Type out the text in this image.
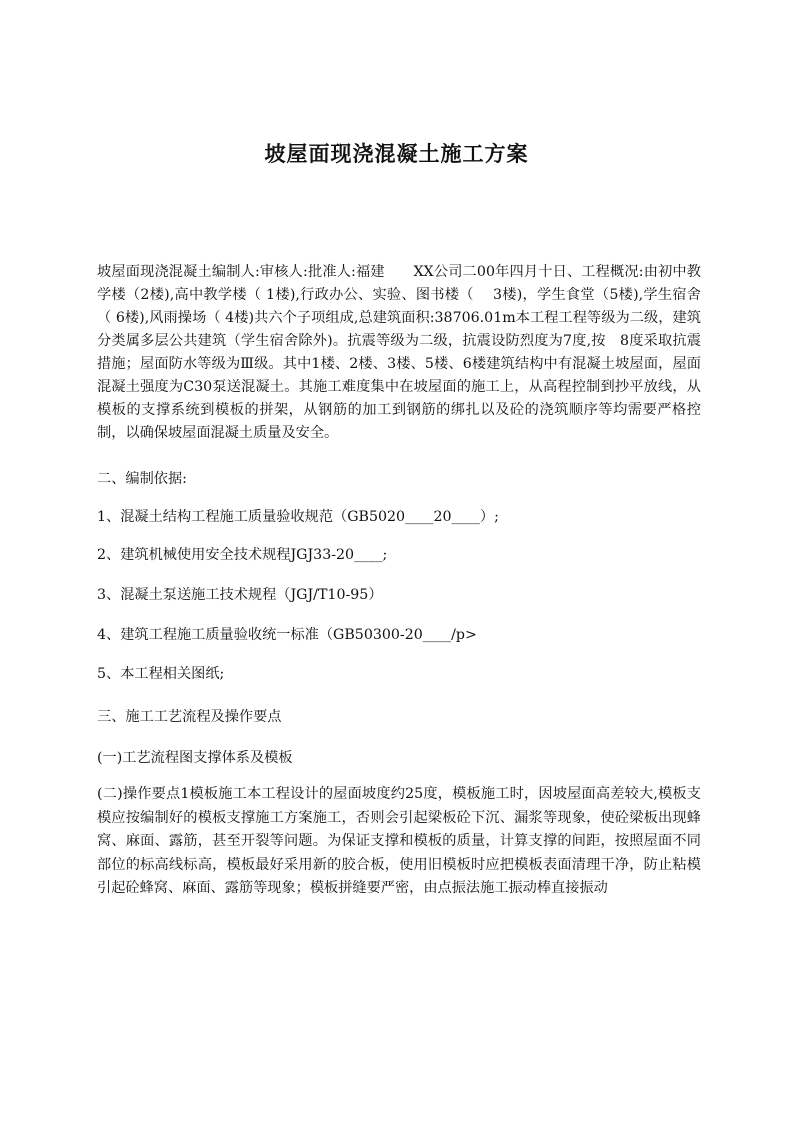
坡屋面现浇混凝土施工方案

坡屋面现浇混凝土编制人:审核人:批准人:福建　　XX公司二00年四月十日、工程概况:由初中教学楼（2楼),高中教学楼（ 1楼),行政办公、实验、图书楼（　 3楼)，学生食堂（5楼),学生宿舍（ 6楼),风雨操场（ 4楼)共六个子项组成,总建筑面积:38706.01m本工程工程等级为二级，建筑分类属多层公共建筑（学生宿舍除外)。抗震等级为二级，抗震设防烈度为7度,按　8度采取抗震措施；屋面防水等级为Ⅲ级。其中1楼、2楼、3楼、5楼、6楼建筑结构中有混凝土坡屋面，屋面混凝土强度为C30泵送混凝土。其施工难度集中在坡屋面的施工上，从高程控制到抄平放线，从模板的支撑系统到模板的拼架，从钢筋的加工到钢筋的绑扎以及砼的浇筑顺序等均需要严格控制，以确保坡屋面混凝土质量及安全。

二、编制依据:

1、混凝土结构工程施工质量验收规范（GB5020____20____）;

2、建筑机械使用安全技术规程JGJ33-20____;

3、混凝土泵送施工技术规程（JGJ/T10-95）

4、建筑工程施工质量验收统一标准（GB50300-20____/p>

5、本工程相关图纸;

三、施工工艺流程及操作要点

(一)工艺流程图支撑体系及模板

(二)操作要点1模板施工本工程设计的屋面坡度约25度，模板施工时，因坡屋面高差较大,模板支模应按编制好的模板支撑施工方案施工，否则会引起梁板砼下沉、漏浆等现象，使砼梁板出现蜂窝、麻面、露筋，甚至开裂等问题。为保证支撑和模板的质量，计算支撑的间距，按照屋面不同部位的标高线标高，模板最好采用新的胶合板，使用旧模板时应把模板表面清理干净，防止粘模引起砼蜂窝、麻面、露筋等现象；模板拼缝要严密，由点振法施工振动棒直接振动
